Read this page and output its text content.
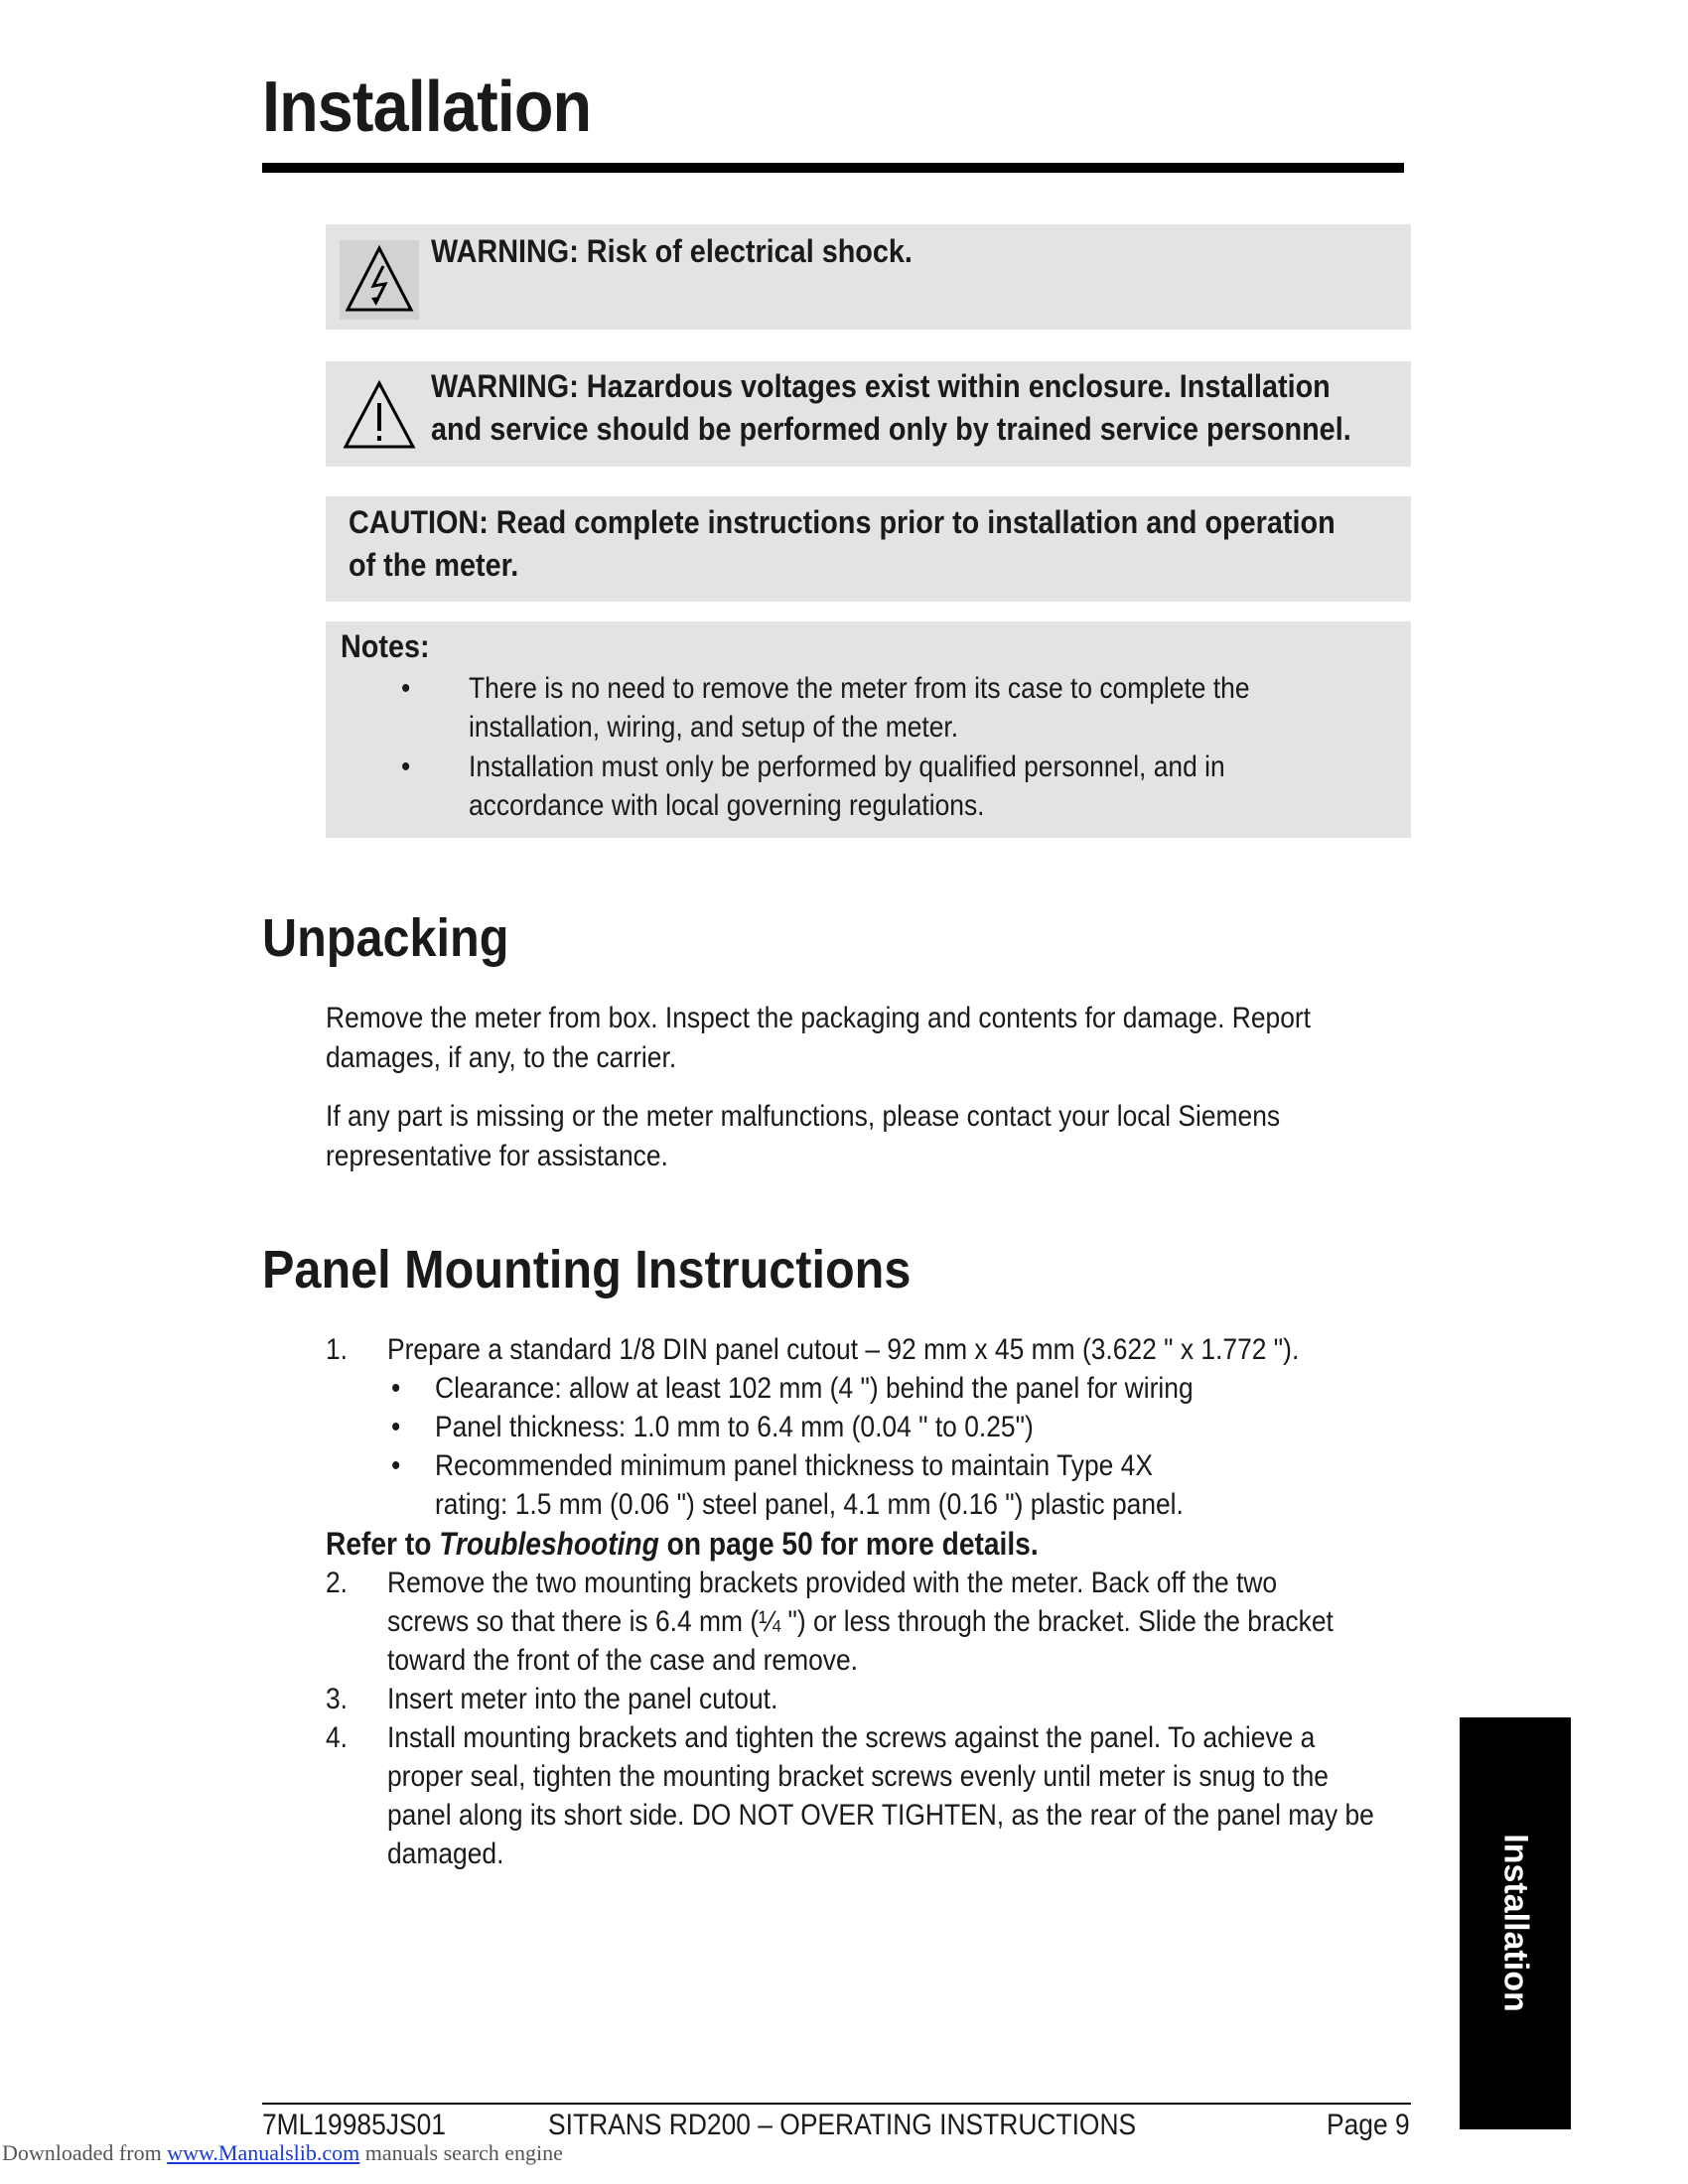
Installation
WARNING: Risk of electrical shock.
WARNING: Hazardous voltages exist within enclosure. Installation
and service should be performed only by trained service personnel.
CAUTION: Read complete instructions prior to installation and operation
of the meter.
Notes:
• There is no need to remove the meter from its case to complete the
installation, wiring, and setup of the meter.
• Installation must only be performed by qualified personnel, and in
accordance with local governing regulations.
Unpacking
Remove the meter from box. Inspect the packaging and contents for damage. Report
damages, if any, to the carrier.
If any part is missing or the meter malfunctions, please contact your local Siemens
representative for assistance.
Panel Mounting Instructions
1. Prepare a standard 1/8 DIN panel cutout – 92 mm x 45 mm (3.622 " x 1.772 ").
• Clearance: allow at least 102 mm (4 ") behind the panel for wiring
• Panel thickness: 1.0 mm to 6.4 mm (0.04 " to 0.25")
• Recommended minimum panel thickness to maintain Type 4X
rating: 1.5 mm (0.06 ") steel panel, 4.1 mm (0.16 ") plastic panel.
Refer to Troubleshooting on page 50 for more details.
2. Remove the two mounting brackets provided with the meter. Back off the two
screws so that there is 6.4 mm (¼ ") or less through the bracket. Slide the bracket
toward the front of the case and remove.
3. Insert meter into the panel cutout.
4. Install mounting brackets and tighten the screws against the panel. To achieve a
proper seal, tighten the mounting bracket screws evenly until meter is snug to the
panel along its short side. DO NOT OVER TIGHTEN, as the rear of the panel may be
damaged.	Installation
7ML19985JS01	SITRANS RD200 – OPERATING INSTRUCTIONS	Page 9
Downloaded from www.Manualslib.com manuals search engine
